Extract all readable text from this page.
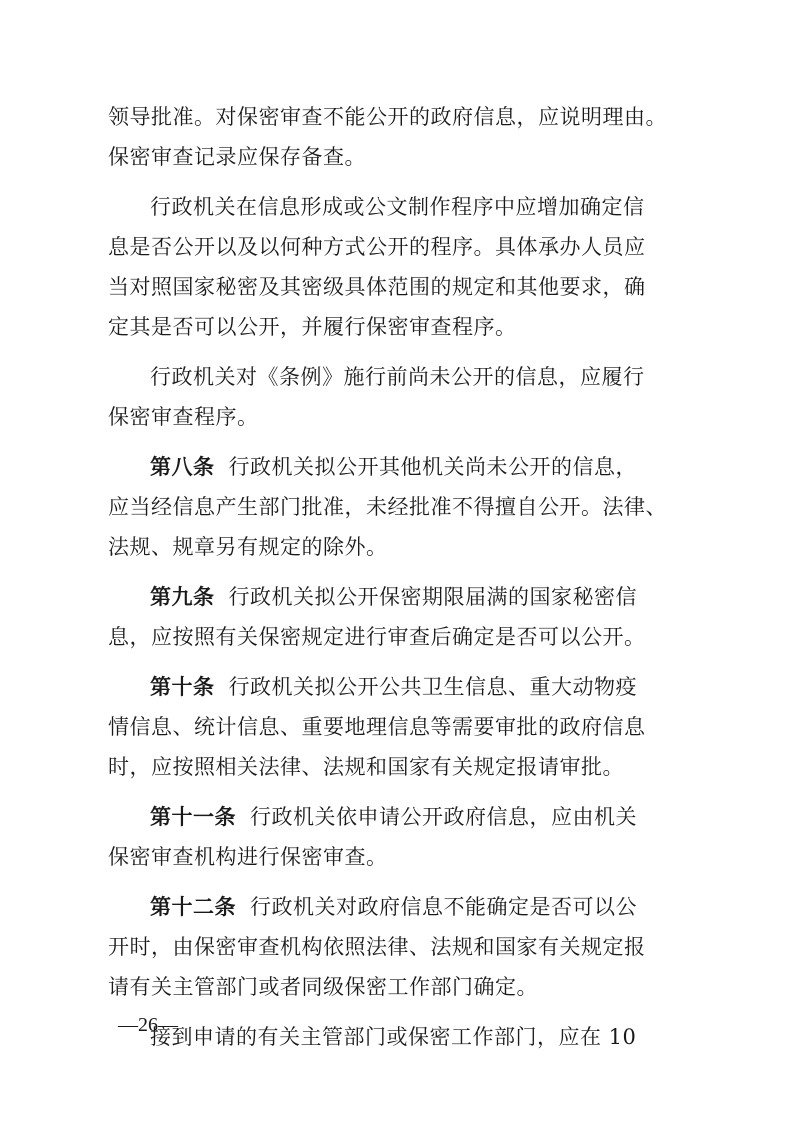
领导批准。对保密审查不能公开的政府信息，应说明理由。
保密审查记录应保存备查。

行政机关在信息形成或公文制作程序中应增加确定信
息是否公开以及以何种方式公开的程序。具体承办人员应
当对照国家秘密及其密级具体范围的规定和其他要求，确
定其是否可以公开，并履行保密审查程序。

行政机关对《条例》施行前尚未公开的信息，应履行
保密审查程序。

第八条 行政机关拟公开其他机关尚未公开的信息，
应当经信息产生部门批准，未经批准不得擅自公开。法律、
法规、规章另有规定的除外。

第九条 行政机关拟公开保密期限届满的国家秘密信
息，应按照有关保密规定进行审查后确定是否可以公开。

第十条 行政机关拟公开公共卫生信息、重大动物疫
情信息、统计信息、重要地理信息等需要审批的政府信息
时，应按照相关法律、法规和国家有关规定报请审批。

第十一条 行政机关依申请公开政府信息，应由机关
保密审查机构进行保密审查。

第十二条 行政机关对政府信息不能确定是否可以公
开时，由保密审查机构依照法律、法规和国家有关规定报
请有关主管部门或者同级保密工作部门确定。

接到申请的有关主管部门或保密工作部门，应在 10

—26—
